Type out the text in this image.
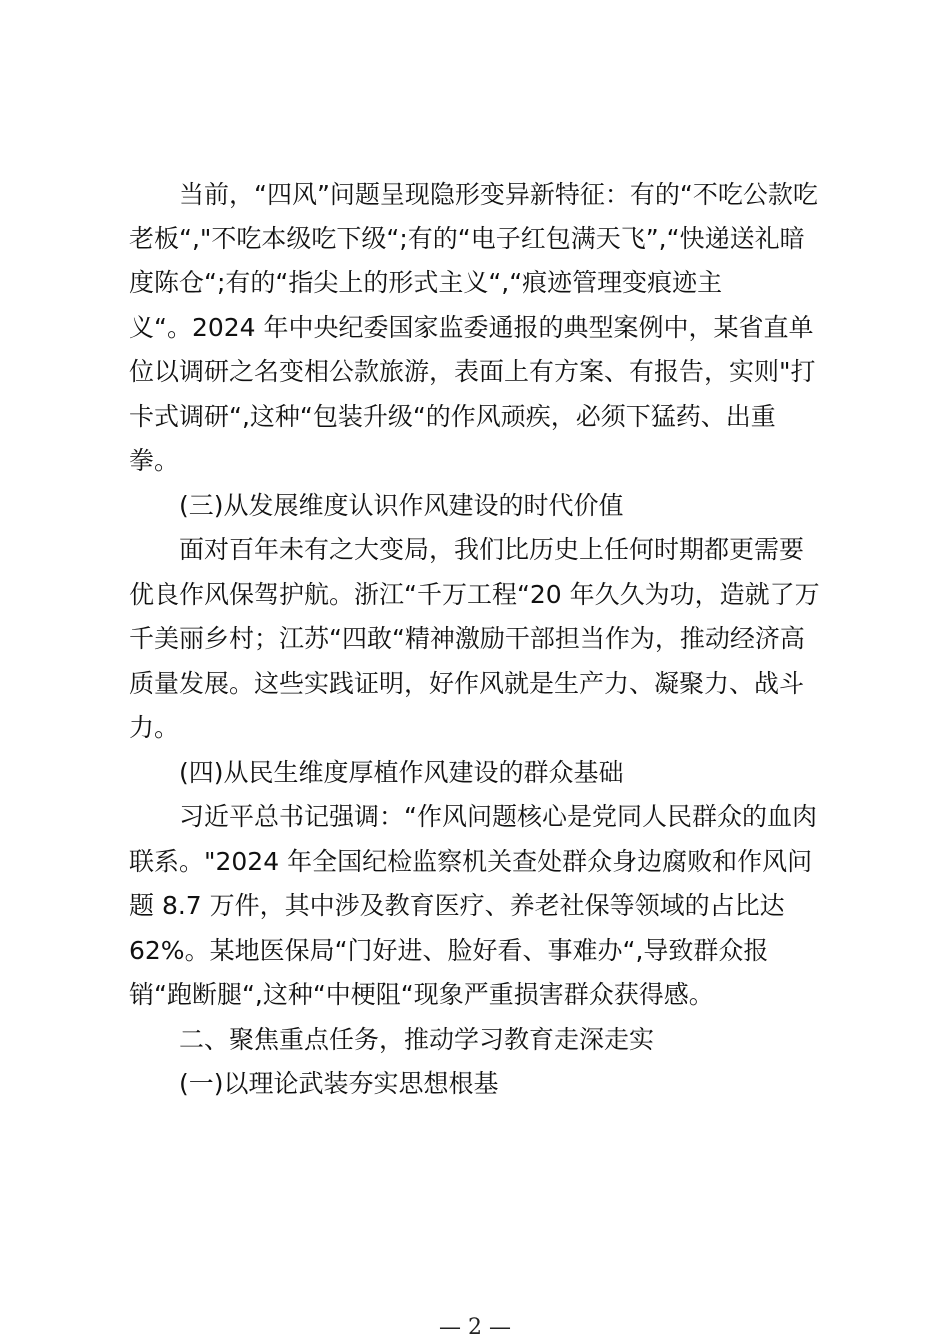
当前，“四风”问题呈现隐形变异新特征：有的“不吃公款吃
老板“,"不吃本级吃下级“;有的“电子红包满天飞”,“快递送礼暗
度陈仓“;有的“指尖上的形式主义“,“痕迹管理变痕迹主
义“。2024 年中央纪委国家监委通报的典型案例中，某省直单
位以调研之名变相公款旅游，表面上有方案、有报告，实则"打
卡式调研“,这种“包装升级“的作风顽疾，必须下猛药、出重
拳。
(三)从发展维度认识作风建设的时代价值
面对百年未有之大变局，我们比历史上任何时期都更需要
优良作风保驾护航。浙江“千万工程“20 年久久为功，造就了万
千美丽乡村；江苏“四敢“精神激励干部担当作为，推动经济高
质量发展。这些实践证明，好作风就是生产力、凝聚力、战斗
力。
(四)从民生维度厚植作风建设的群众基础
习近平总书记强调：“作风问题核心是党同人民群众的血肉
联系。"2024 年全国纪检监察机关查处群众身边腐败和作风问
题 8.7 万件，其中涉及教育医疗、养老社保等领域的占比达
62%。某地医保局“门好进、脸好看、事难办“,导致群众报
销“跑断腿“,这种“中梗阻“现象严重损害群众获得感。
二、聚焦重点任务，推动学习教育走深走实
(一)以理论武装夯实思想根基
— 2 —
